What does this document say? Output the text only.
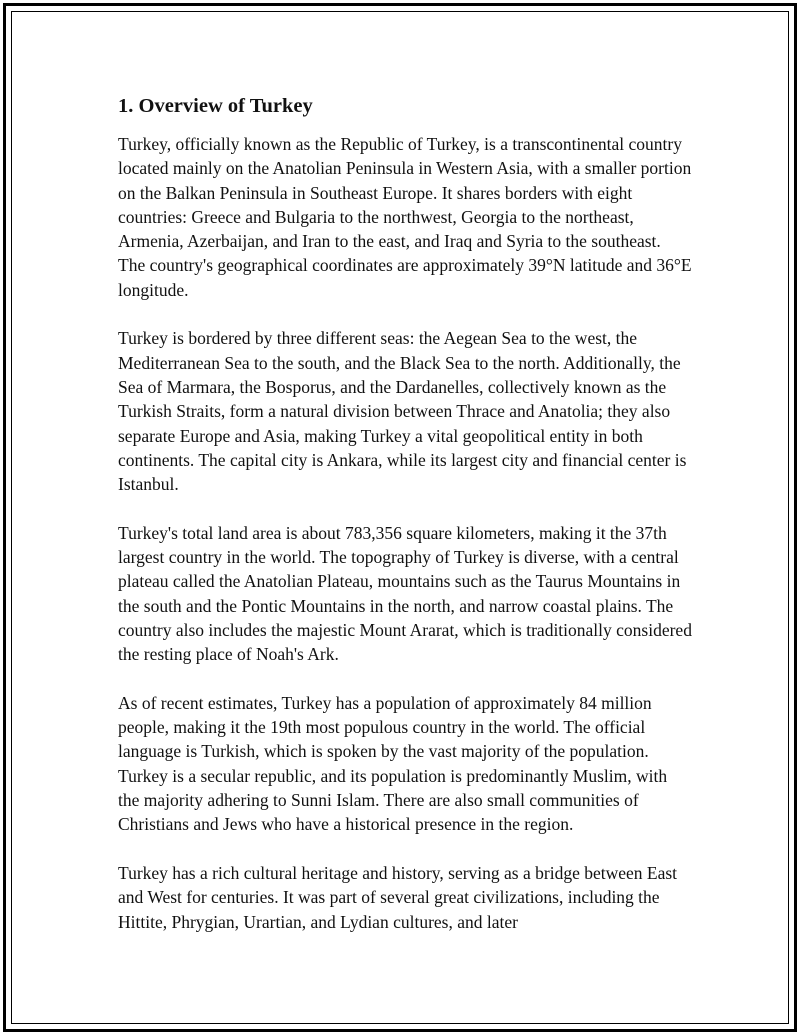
1. Overview of Turkey

Turkey, officially known as the Republic of Turkey, is a transcontinental country located mainly on the Anatolian Peninsula in Western Asia, with a smaller portion on the Balkan Peninsula in Southeast Europe. It shares borders with eight countries: Greece and Bulgaria to the northwest, Georgia to the northeast, Armenia, Azerbaijan, and Iran to the east, and Iraq and Syria to the southeast. The country's geographical coordinates are approximately 39°N latitude and 36°E longitude.

Turkey is bordered by three different seas: the Aegean Sea to the west, the Mediterranean Sea to the south, and the Black Sea to the north. Additionally, the Sea of Marmara, the Bosporus, and the Dardanelles, collectively known as the Turkish Straits, form a natural division between Thrace and Anatolia; they also separate Europe and Asia, making Turkey a vital geopolitical entity in both continents. The capital city is Ankara, while its largest city and financial center is Istanbul.

Turkey's total land area is about 783,356 square kilometers, making it the 37th largest country in the world. The topography of Turkey is diverse, with a central plateau called the Anatolian Plateau, mountains such as the Taurus Mountains in the south and the Pontic Mountains in the north, and narrow coastal plains. The country also includes the majestic Mount Ararat, which is traditionally considered the resting place of Noah's Ark.

As of recent estimates, Turkey has a population of approximately 84 million people, making it the 19th most populous country in the world. The official language is Turkish, which is spoken by the vast majority of the population. Turkey is a secular republic, and its population is predominantly Muslim, with the majority adhering to Sunni Islam. There are also small communities of Christians and Jews who have a historical presence in the region.

Turkey has a rich cultural heritage and history, serving as a bridge between East and West for centuries. It was part of several great civilizations, including the Hittite, Phrygian, Urartian, and Lydian cultures, and later
